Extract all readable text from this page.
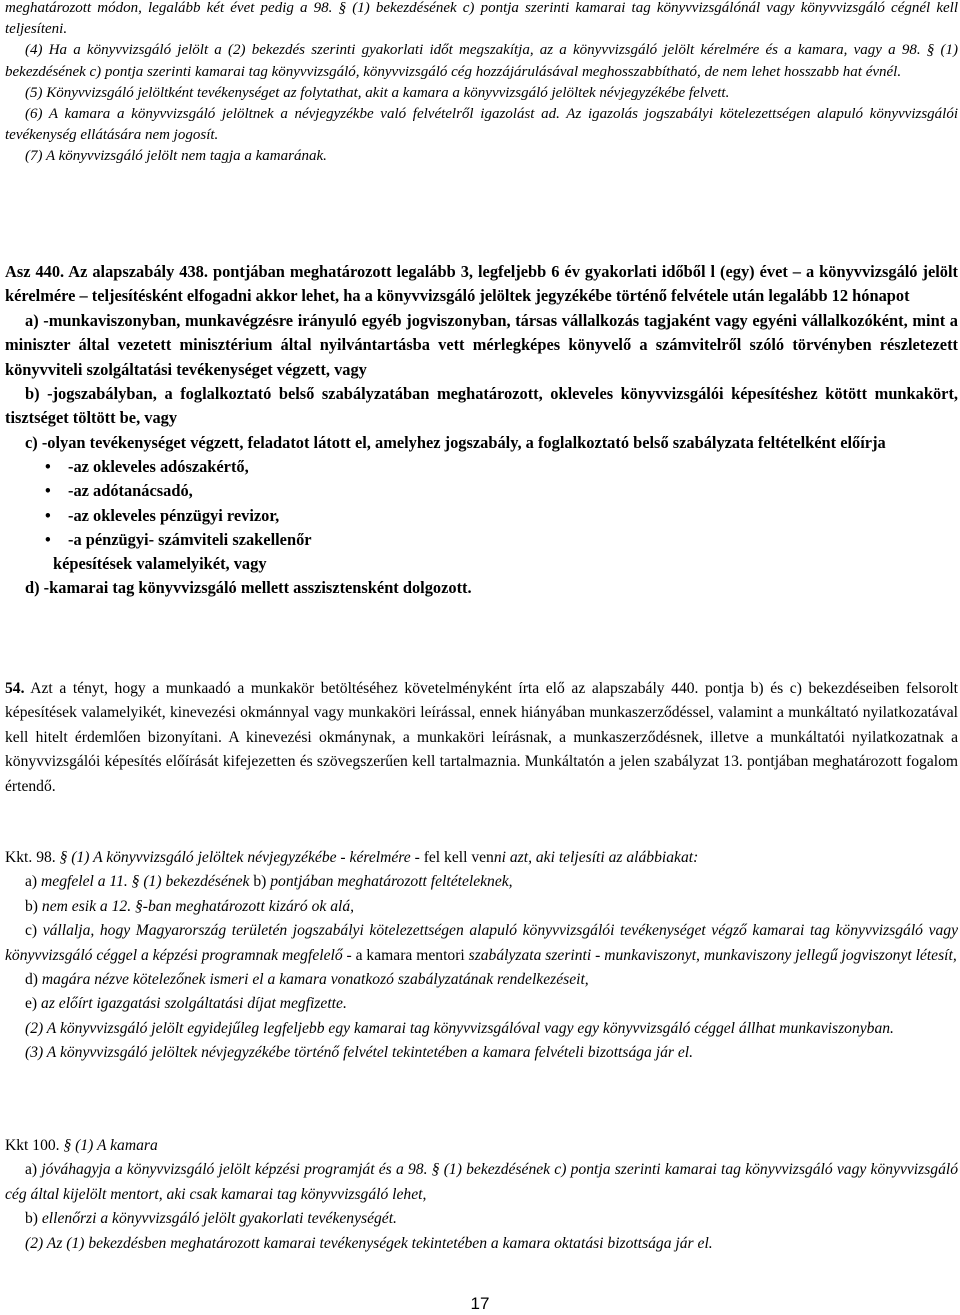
meghatározott módon, legalább két évet pedig a 98. § (1) bekezdésének c) pontja szerinti kamarai tag könyvvizsgálónál vagy könyvvizsgáló cégnél kell teljesíteni.

(4) Ha a könyvvizsgáló jelölt a (2) bekezdés szerinti gyakorlati időt megszakítja, az a könyvvizsgáló jelölt kérelmére és a kamara, vagy a 98. § (1) bekezdésének c) pontja szerinti kamarai tag könyvvizsgáló, könyvvizsgáló cég hozzájárulásával meghosszabbítható, de nem lehet hosszabb hat évnél.

(5) Könyvvizsgáló jelöltként tevékenységet az folytathat, akit a kamara a könyvvizsgáló jelöltek névjegyzékébe felvett.

(6) A kamara a könyvvizsgáló jelöltnek a névjegyzékbe való felvételről igazolást ad. Az igazolás jogszabályi kötelezettségen alapuló könyvvizsgálói tevékenység ellátására nem jogosít.

(7) A könyvvizsgáló jelölt nem tagja a kamarának.

Asz 440. Az alapszabály 438. pontjában meghatározott legalább 3, legfeljebb 6 év gyakorlati időből l (egy) évet – a könyvvizsgáló jelölt kérelmére – teljesítésként elfogadni akkor lehet, ha a könyvvizsgáló jelöltek jegyzékébe történő felvétele után legalább 12 hónapot

a) -munkaviszonyban, munkavégzésre irányuló egyéb jogviszonyban, társas vállalkozás tagjaként vagy egyéni vállalkozóként, mint a miniszter által vezetett minisztérium által nyilvántartásba vett mérlegképes könyvelő a számvitelről szóló törvényben részletezett könyvviteli szolgáltatási tevékenységet végzett, vagy

b) -jogszabályban, a foglalkoztató belső szabályzatában meghatározott, okleveles könyvvizsgálói képesítéshez kötött munkakört, tisztséget töltött be, vagy

c) -olyan tevékenységet végzett, feladatot látott el, amelyhez jogszabály, a foglalkoztató belső szabályzata feltételként előírja

• -az okleveles adószakértő,
• -az adótanácsadó,
• -az okleveles pénzügyi revizor,
• -a pénzügyi- számviteli szakellenőr

képesítések valamelyikét, vagy

d) -kamarai tag könyvvizsgáló mellett asszisztensként dolgozott.

54. Azt a tényt, hogy a munkaadó a munkakör betöltéséhez követelményként írta elő az alapszabály 440. pontja b) és c) bekezdéseiben felsorolt képesítések valamelyikét, kinevezési okmánnyal vagy munkaköri leírással, ennek hiányában munkaszerződéssel, valamint a munkáltató nyilatkozatával kell hitelt érdemlően bizonyítani. A kinevezési okmánynak, a munkaköri leírásnak, a munkaszerződésnek, illetve a munkáltatói nyilatkozatnak a könyvvizsgálói képesítés előírását kifejezetten és szövegszerűen kell tartalmaznia. Munkáltatón a jelen szabályzat 13. pontjában meghatározott fogalom értendő.

Kkt. 98. § (1) A könyvvizsgáló jelöltek névjegyzékébe - kérelmére - fel kell venni azt, aki teljesíti az alábbiakat:

a) megfelel a 11. § (1) bekezdésének b) pontjában meghatározott feltételeknek,

b) nem esik a 12. §-ban meghatározott kizáró ok alá,

c) vállalja, hogy Magyarország területén jogszabályi kötelezettségen alapuló könyvvizsgálói tevékenységet végző kamarai tag könyvvizsgáló vagy könyvvizsgáló céggel a képzési programnak megfelelő - a kamara mentori szabályzata szerinti - munkaviszonyt, munkaviszony jellegű jogviszonyt létesít,

d) magára nézve kötelezőnek ismeri el a kamara vonatkozó szabályzatának rendelkezéseit,

e) az előírt igazgatási szolgáltatási díjat megfizette.

(2) A könyvvizsgáló jelölt egyidejűleg legfeljebb egy kamarai tag könyvvizsgálóval vagy egy könyvvizsgáló céggel állhat munkaviszonyban.

(3) A könyvvizsgáló jelöltek névjegyzékébe történő felvétel tekintetében a kamara felvételi bizottsága jár el.

Kkt 100. § (1) A kamara

a) jóváhagyja a könyvvizsgáló jelölt képzési programját és a 98. § (1) bekezdésének c) pontja szerinti kamarai tag könyvvizsgáló vagy könyvvizsgáló cég által kijelölt mentort, aki csak kamarai tag könyvvizsgáló lehet,

b) ellenőrzi a könyvvizsgáló jelölt gyakorlati tevékenységét.

(2) Az (1) bekezdésben meghatározott kamarai tevékenységek tekintetében a kamara oktatási bizottsága jár el.

17
